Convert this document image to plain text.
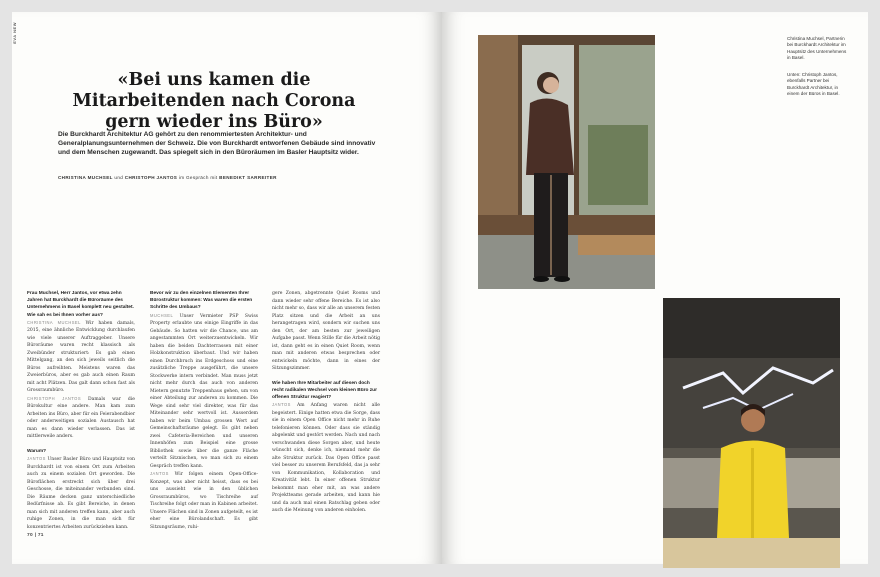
EVA NEW
«Bei uns kamen die Mitarbeitenden nach Corona gern wieder ins Büro»

Die Burckhardt Architektur AG gehört zu den renommiertesten Architektur- und Generalplanungsunternehmen der Schweiz. Die von Burckhardt entworfenen Gebäude sind innovativ und dem Menschen zugewandt. Das spiegelt sich in den Büroräumen im Basler Hauptsitz wider.

CHRISTINA MUCHSEL und CHRISTOPH JANTOS im Gespräch mit BENEDIKT SARREITER

Frau Muchsel, Herr Jantos, vor etwa zehn Jahren hat Burckhardt die Büroräume des Unternehmens in Basel komplett neu gestaltet. Wie sah es bei Ihnen vorher aus?

CHRISTINA MUCHSEL Wir haben damals, 2015, eine ähnliche Entwicklung durchlaufen wie viele unserer Auftraggeber. Unsere Büroräume waren recht klassisch als Zweibünder strukturiert: Es gab einen Mittelgang, an den sich jeweils seitlich die Büros aufreihten. Meistens waren das Zweierbüros, aber es gab auch einen Raum mit acht Plätzen. Das galt dann schon fast als Grossraumbüro.

CHRISTOPH JANTOS Damals war die Bürokultur eine andere. Man kam zum Arbeiten ins Büro, aber für ein Feierabendbier oder anderweitigen sozialen Austausch hat man es dann wieder verlassen. Das ist mittlerweile anders.

Warum?

JANTOS Unser Basler Büro und Hauptsitz von Burckhardt ist von einem Ort zum Arbeiten auch zu einem sozialen Ort geworden. Die Büroflächen erstreckt sich über drei Geschosse, die miteinander verbunden sind. Die Räume decken ganz unterschiedliche Bedürfnisse ab. Es gibt Bereiche, in denen man sich mit anderen treffen kann, aber auch ruhige Zonen, in die man sich für konzentriertes Arbeiten zurückziehen kann.

Bevor wir zu den einzelnen Elementen Ihrer Bürostruktur kommen: Was waren die ersten Schritte des Umbaus?

MUCHSEL Unser Vermieter PSP Swiss Property erlaubte uns einige Eingriffe in das Gebäude. So hatten wir die Chance, uns am angestammten Ort weiterzuentwickeln. Wir haben die beiden Dachterrassen mit einer Holzkonstruktion überbaut. Und wir haben einen Durchbruch ins Erdgeschoss und eine zusätzliche Treppe ausgeführt, die unsere Stockwerke intern verbindet. Man muss jetzt nicht mehr durch das auch von anderen Mietern genutzte Treppenhaus gehen, um von einer Abteilung zur anderen zu kommen. Die Wege sind sehr viel direkter, was für das Miteinander sehr wertvoll ist. Ausserdem haben wir beim Umbau grossen Wert auf Gemeinschaftsräume gelegt. Es gibt neben zwei Cafeteria-Bereichen und unseren Innenhöfen zum Beispiel eine grosse Bibliothek sowie über die ganze Fläche verteilt Sitznischen, wo man sich zu einem Gespräch treffen kann.

JANTOS Wir folgen einem Open-Office-Konzept, was aber nicht heisst, dass es bei uns aussieht wie in den üblichen Grossraumbüros, wo Tischreihe auf Tischreihe folgt oder man in Kabinen arbeitet. Unsere Flächen sind in Zonen aufgeteilt, es ist eher eine Bürolandschaft. Es gibt Sitzungsräume, ruhi-

gere Zonen, abgetrennte Quiet Rooms und dann wieder sehr offene Bereiche. Es ist also nicht mehr so, dass wir alle an unserem festen Platz sitzen und die Arbeit an uns herangetragen wird, sondern wir suchen uns den Ort, der am besten zur jeweiligen Aufgabe passt. Wenn Stille für die Arbeit nötig ist, dann geht es in einen Quiet Room, wenn man mit anderen etwas besprechen oder entwickeln möchte, dann in eines der Sitzungszimmer.

Wie haben Ihre Mitarbeiter auf diesen doch recht radikalen Wechsel vom kleinen Büro zur offenen Struktur reagiert?

JANTOS Am Anfang waren nicht alle begeistert. Einige hatten etwa die Sorge, dass sie in einem Open Office nicht mehr in Ruhe telefonieren können. Oder dass sie ständig abgelenkt und gestört werden. Nach und nach verschwanden diese Sorgen aber, und heute wünscht sich, denke ich, niemand mehr die alte Struktur zurück. Das Open Office passt viel besser zu unserem Berufsfeld, das ja sehr von Kommunikation, Kollaboration und Kreativität lebt. In einer offenen Struktur bekommt man eher mit, an was andere Projektteams gerade arbeiten, und kann hie und da auch mal einen Ratschlag geben oder auch die Meinung von anderen einholen.

70 | 71

Christina Muchsel, Partnerin bei Burckhardt Architektur im Hauptsitz des Unternehmens in Basel.

Unten: Christoph Jantos, ebenfalls Partner bei Burckhardt Architektur, in einem der Büros in Basel.
